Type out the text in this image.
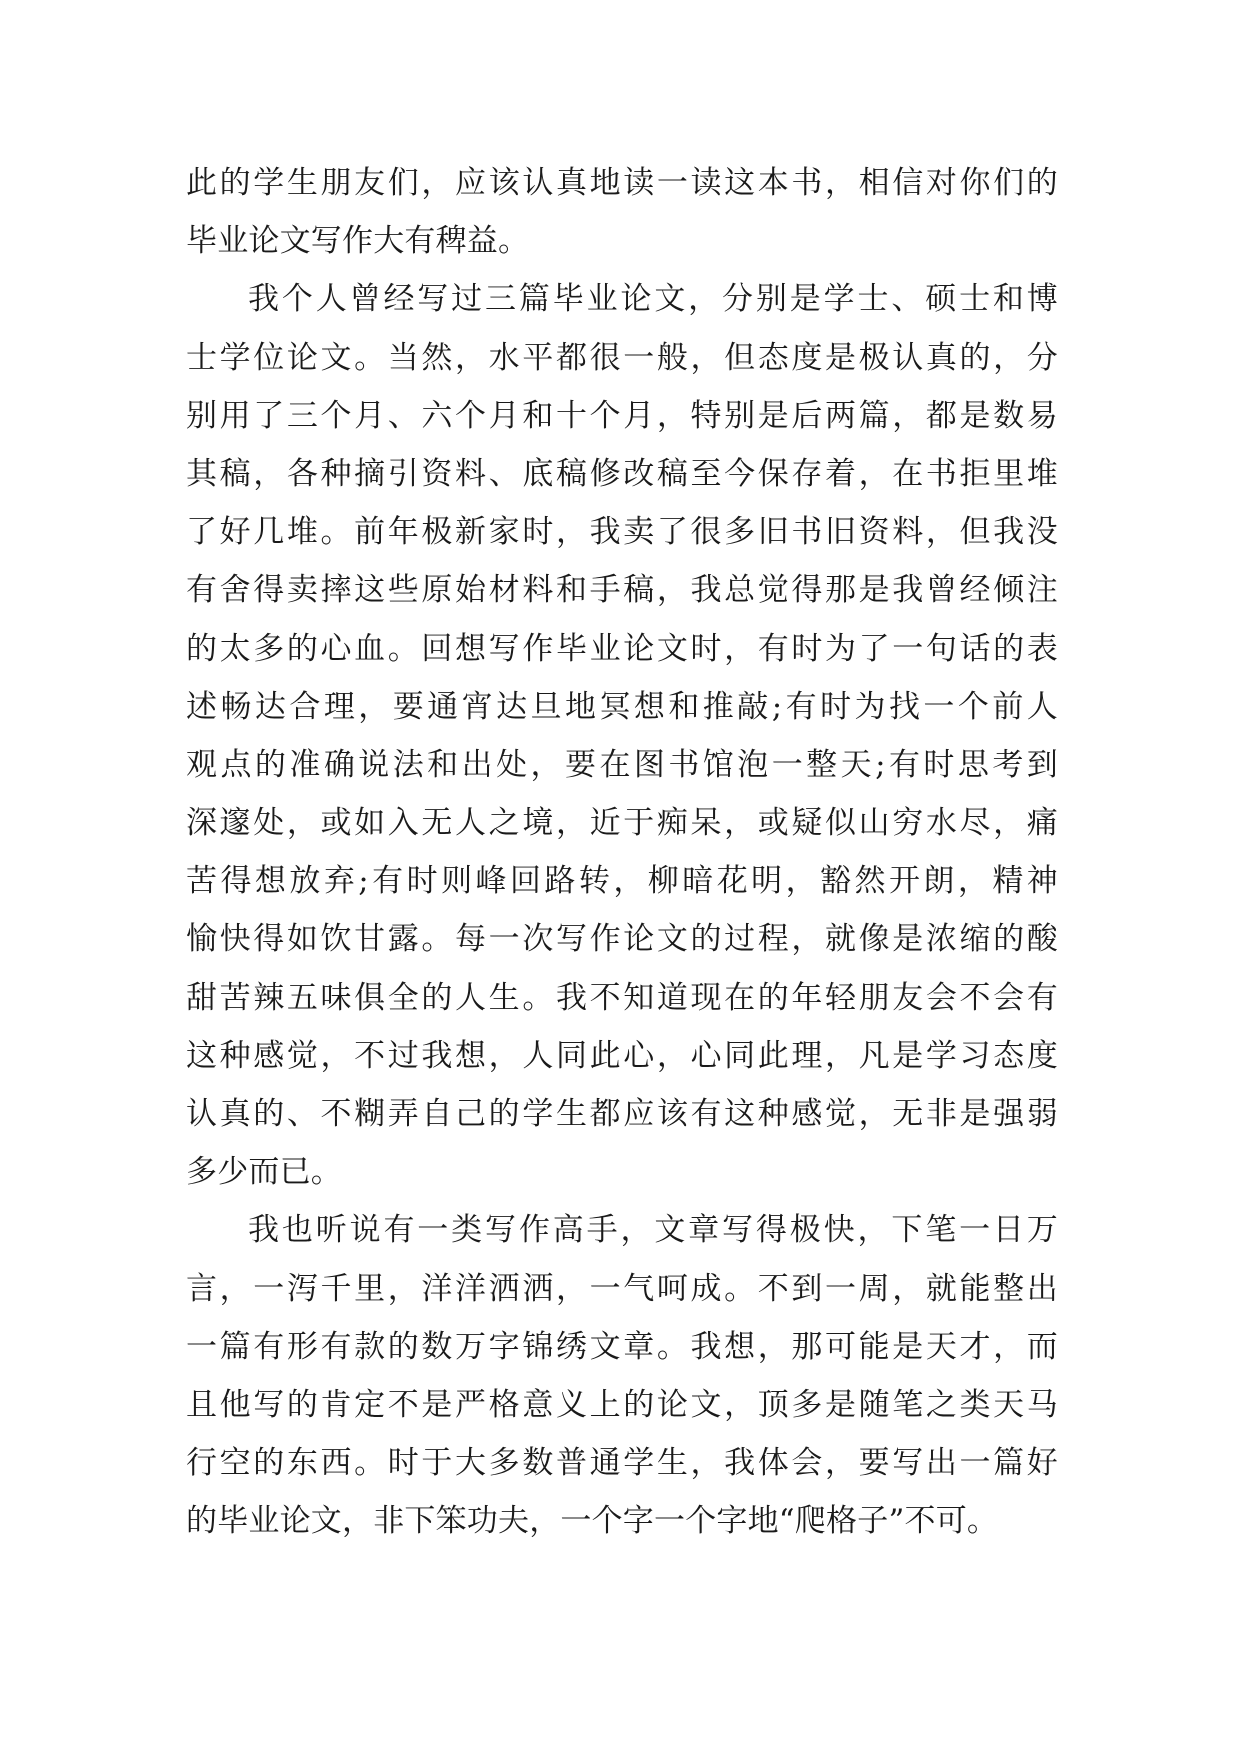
此的学生朋友们，应该认真地读一读这本书，相信对你们的
毕业论文写作大有稗益。
我个人曾经写过三篇毕业论文，分别是学士、硕士和博
士学位论文。当然，水平都很一般，但态度是极认真的，分
别用了三个月、六个月和十个月，特别是后两篇，都是数易
其稿，各种摘引资料、底稿修改稿至今保存着，在书拒里堆
了好几堆。前年极新家时，我卖了很多旧书旧资料，但我没
有舍得卖摔这些原始材料和手稿，我总觉得那是我曾经倾注
的太多的心血。回想写作毕业论文时，有时为了一句话的表
述畅达合理，要通宵达旦地冥想和推敲;有时为找一个前人
观点的准确说法和出处，要在图书馆泡一整天;有时思考到
深邃处，或如入无人之境，近于痴呆，或疑似山穷水尽，痛
苦得想放弃;有时则峰回路转，柳暗花明，豁然开朗，精神
愉快得如饮甘露。每一次写作论文的过程，就像是浓缩的酸
甜苦辣五味俱全的人生。我不知道现在的年轻朋友会不会有
这种感觉，不过我想，人同此心，心同此理，凡是学习态度
认真的、不糊弄自己的学生都应该有这种感觉，无非是强弱
多少而已。
我也听说有一类写作高手，文章写得极快，下笔一日万
言，一泻千里，洋洋洒洒，一气呵成。不到一周，就能整出
一篇有形有款的数万字锦绣文章。我想，那可能是天才，而
且他写的肯定不是严格意义上的论文，顶多是随笔之类天马
行空的东西。时于大多数普通学生，我体会，要写出一篇好
的毕业论文，非下笨功夫，一个字一个字地“爬格子”不可。
